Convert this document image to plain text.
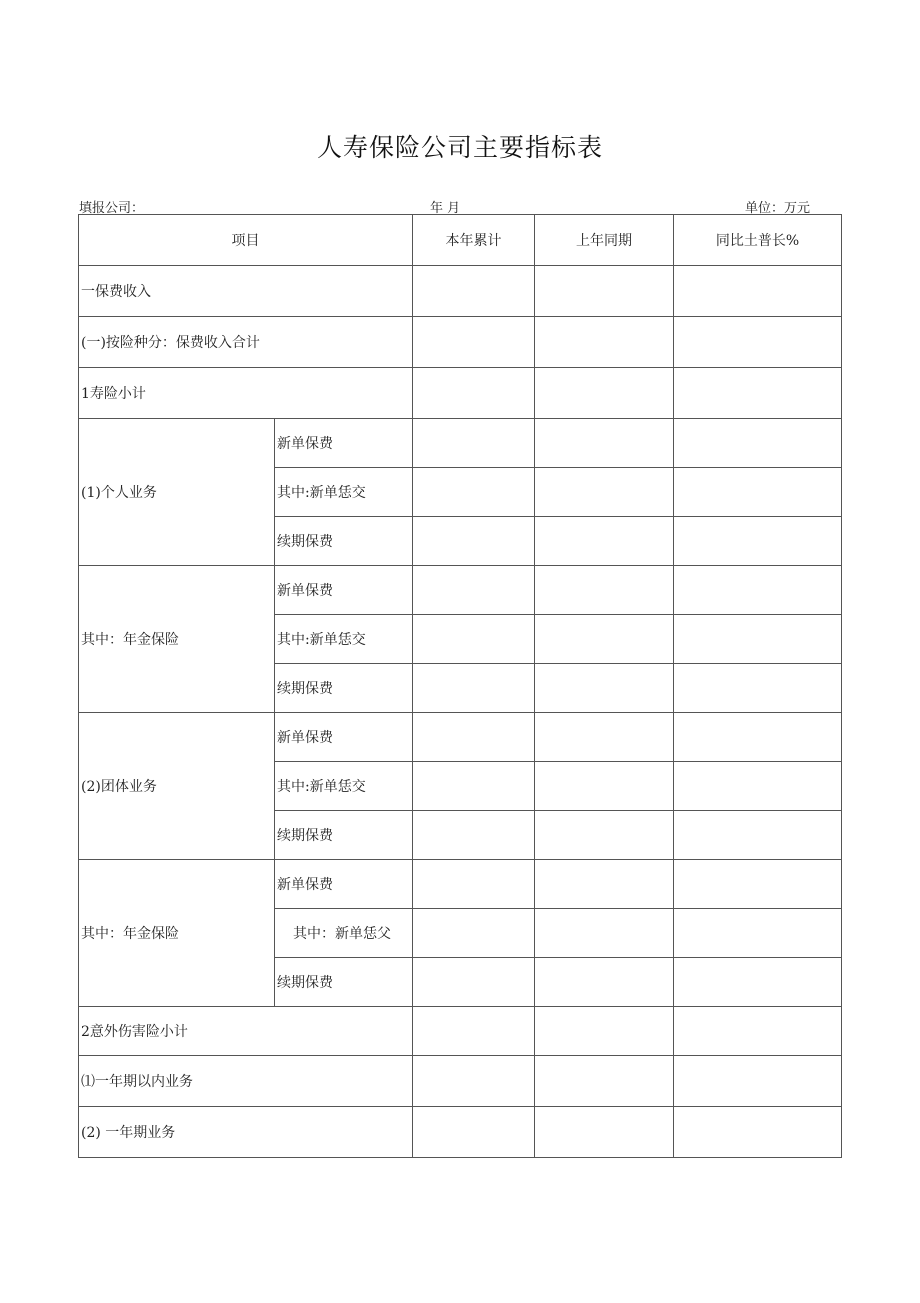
人寿保险公司主要指标表
填报公司：	年 月	单位：万元
项目		本年累计	上年同期	同比土普长%
一保费收入				
(一)按险种分：保费收入合计				
1寿险小计				
(1)个人业务	新单保费			
	其中:新单恁交			
	续期保费			
其中：年金保险	新单保费			
	其中:新单恁交			
	续期保费			
(2)团体业务	新单保费			
	其中:新单恁交			
	续期保费			
其中：年金保险	新单保费			
	其中：新单恁父			
	续期保费			
2意外伤害险小计				
⑴一年期以内业务				
(2) 一年期业务				
